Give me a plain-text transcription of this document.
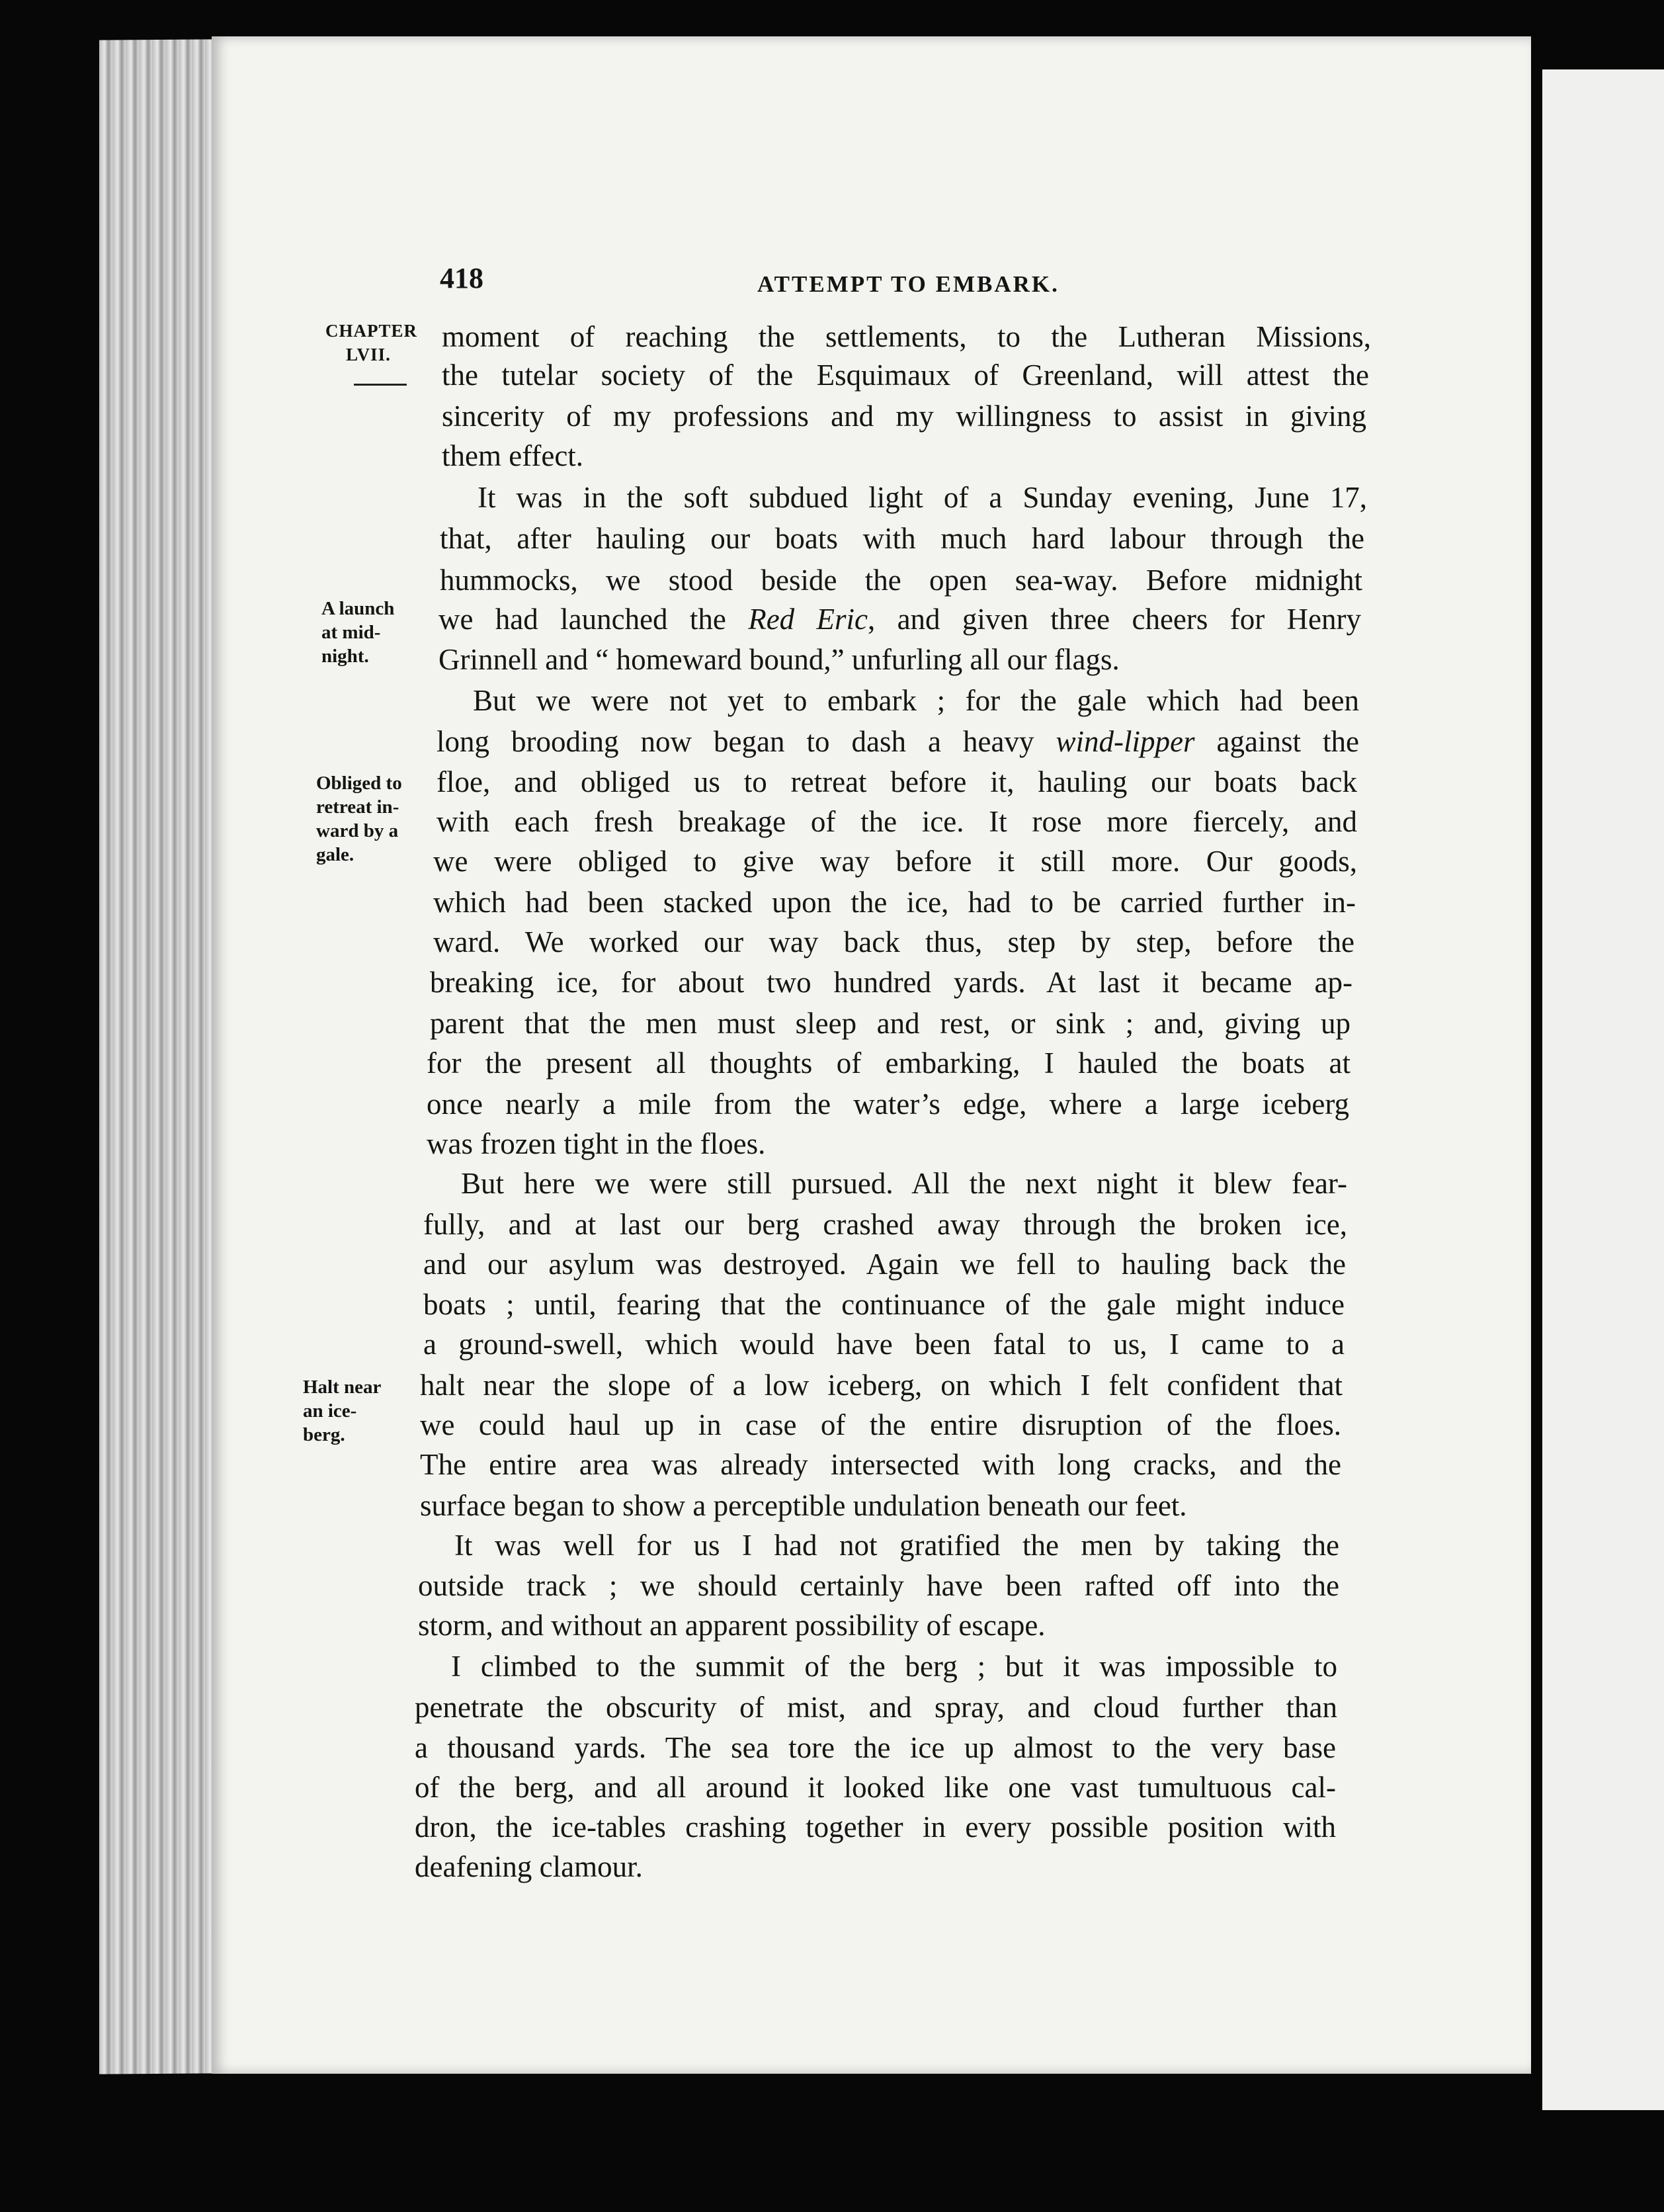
418	ATTEMPT TO EMBARK.
CHAPTER
LVII.
A launch
at mid-
night.
Obliged to
retreat in-
ward by a
gale.
Halt near
an ice-
berg.
moment of reaching the settlements, to the Lutheran Missions,
the tutelar society of the Esquimaux of Greenland, will attest the
sincerity of my professions and my willingness to assist in giving
them effect.
It was in the soft subdued light of a Sunday evening, June 17,
that, after hauling our boats with much hard labour through the
hummocks, we stood beside the open sea-way. Before midnight
we had launched the Red Eric, and given three cheers for Henry
Grinnell and “ homeward bound,” unfurling all our flags.
But we were not yet to embark ; for the gale which had been
long brooding now began to dash a heavy wind-lipper against the
floe, and obliged us to retreat before it, hauling our boats back
with each fresh breakage of the ice. It rose more fiercely, and
we were obliged to give way before it still more. Our goods,
which had been stacked upon the ice, had to be carried further in-
ward. We worked our way back thus, step by step, before the
breaking ice, for about two hundred yards. At last it became ap-
parent that the men must sleep and rest, or sink ; and, giving up
for the present all thoughts of embarking, I hauled the boats at
once nearly a mile from the water’s edge, where a large iceberg
was frozen tight in the floes.
But here we were still pursued. All the next night it blew fear-
fully, and at last our berg crashed away through the broken ice,
and our asylum was destroyed. Again we fell to hauling back the
boats ; until, fearing that the continuance of the gale might induce
a ground-swell, which would have been fatal to us, I came to a
halt near the slope of a low iceberg, on which I felt confident that
we could haul up in case of the entire disruption of the floes.
The entire area was already intersected with long cracks, and the
surface began to show a perceptible undulation beneath our feet.
It was well for us I had not gratified the men by taking the
outside track ; we should certainly have been rafted off into the
storm, and without an apparent possibility of escape.
I climbed to the summit of the berg ; but it was impossible to
penetrate the obscurity of mist, and spray, and cloud further than
a thousand yards. The sea tore the ice up almost to the very base
of the berg, and all around it looked like one vast tumultuous cal-
dron, the ice-tables crashing together in every possible position with
deafening clamour.
